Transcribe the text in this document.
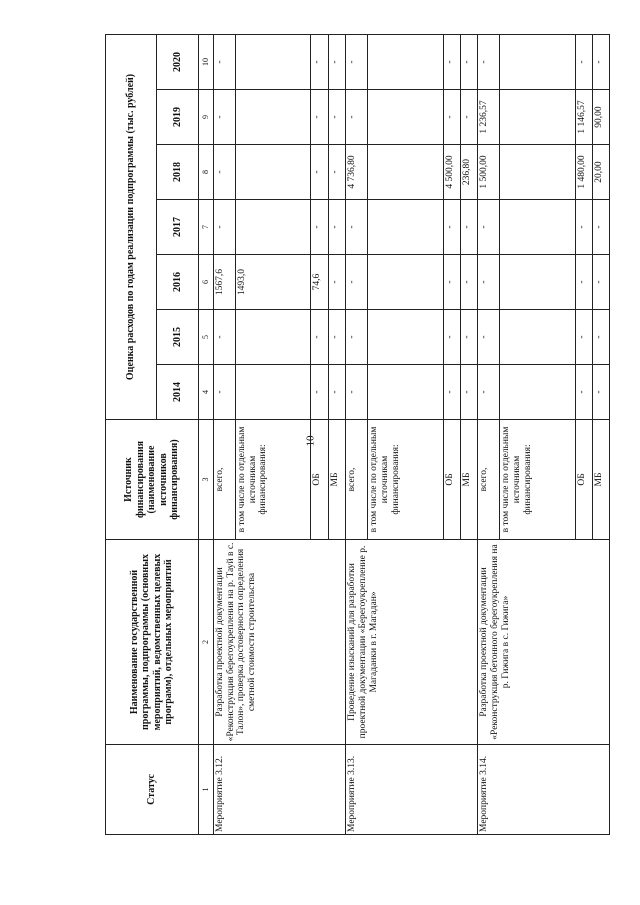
10
Статус	Наименование государственной программы, подпрограммы (основных мероприятий, ведомственных целевых программ), отдельных мероприятий	Источник финансирования (наименование источников финансирования)	Оценка расходов по годам реализации подпрограммы (тыс. рублей)						
			2014	2015	2016	2017	2018	2019	2020
1	2	3	4	5	6	7	8	9	10
Мероприятие 3.12.	Разработка проектной документации «Реконструкция берегоукрепления на р. Тауй в с. Талон», проверка достоверности определения сметной стоимости строительства	всего,	-	-	1567,6	-	-	-	-
		в том числе по отдельным источникам финансирования:			1493,0				
		ОБ	-	-	74,6	-	-	-	-
		МБ	-	-	-	-	-	-	-
Мероприятие 3.13.	Проведение изысканий для разработки проектной документации «Берегоукрепление р. Магаданки в г. Магадан»	всего,	-	-	-	-	4 736,80	-	-
		в том числе по отдельным источникам финансирования:							
		ОБ	-	-	-	-	4 500,00	-	-
		МБ	-	-	-	-	236,80	-	-
Мероприятие 3.14.	Разработка проектной документации «Реконструкция бетонного берегоукрепления на р. Гижига в с. Гижига»	всего,	-	-	-	-	1 500,00	1 236,57	-
		в том числе по отдельным источникам финансирования:							
		ОБ	-	-	-	-	1 480,00	1 146,57	-
		МБ	-	-	-	-	20,00	90,00	-
